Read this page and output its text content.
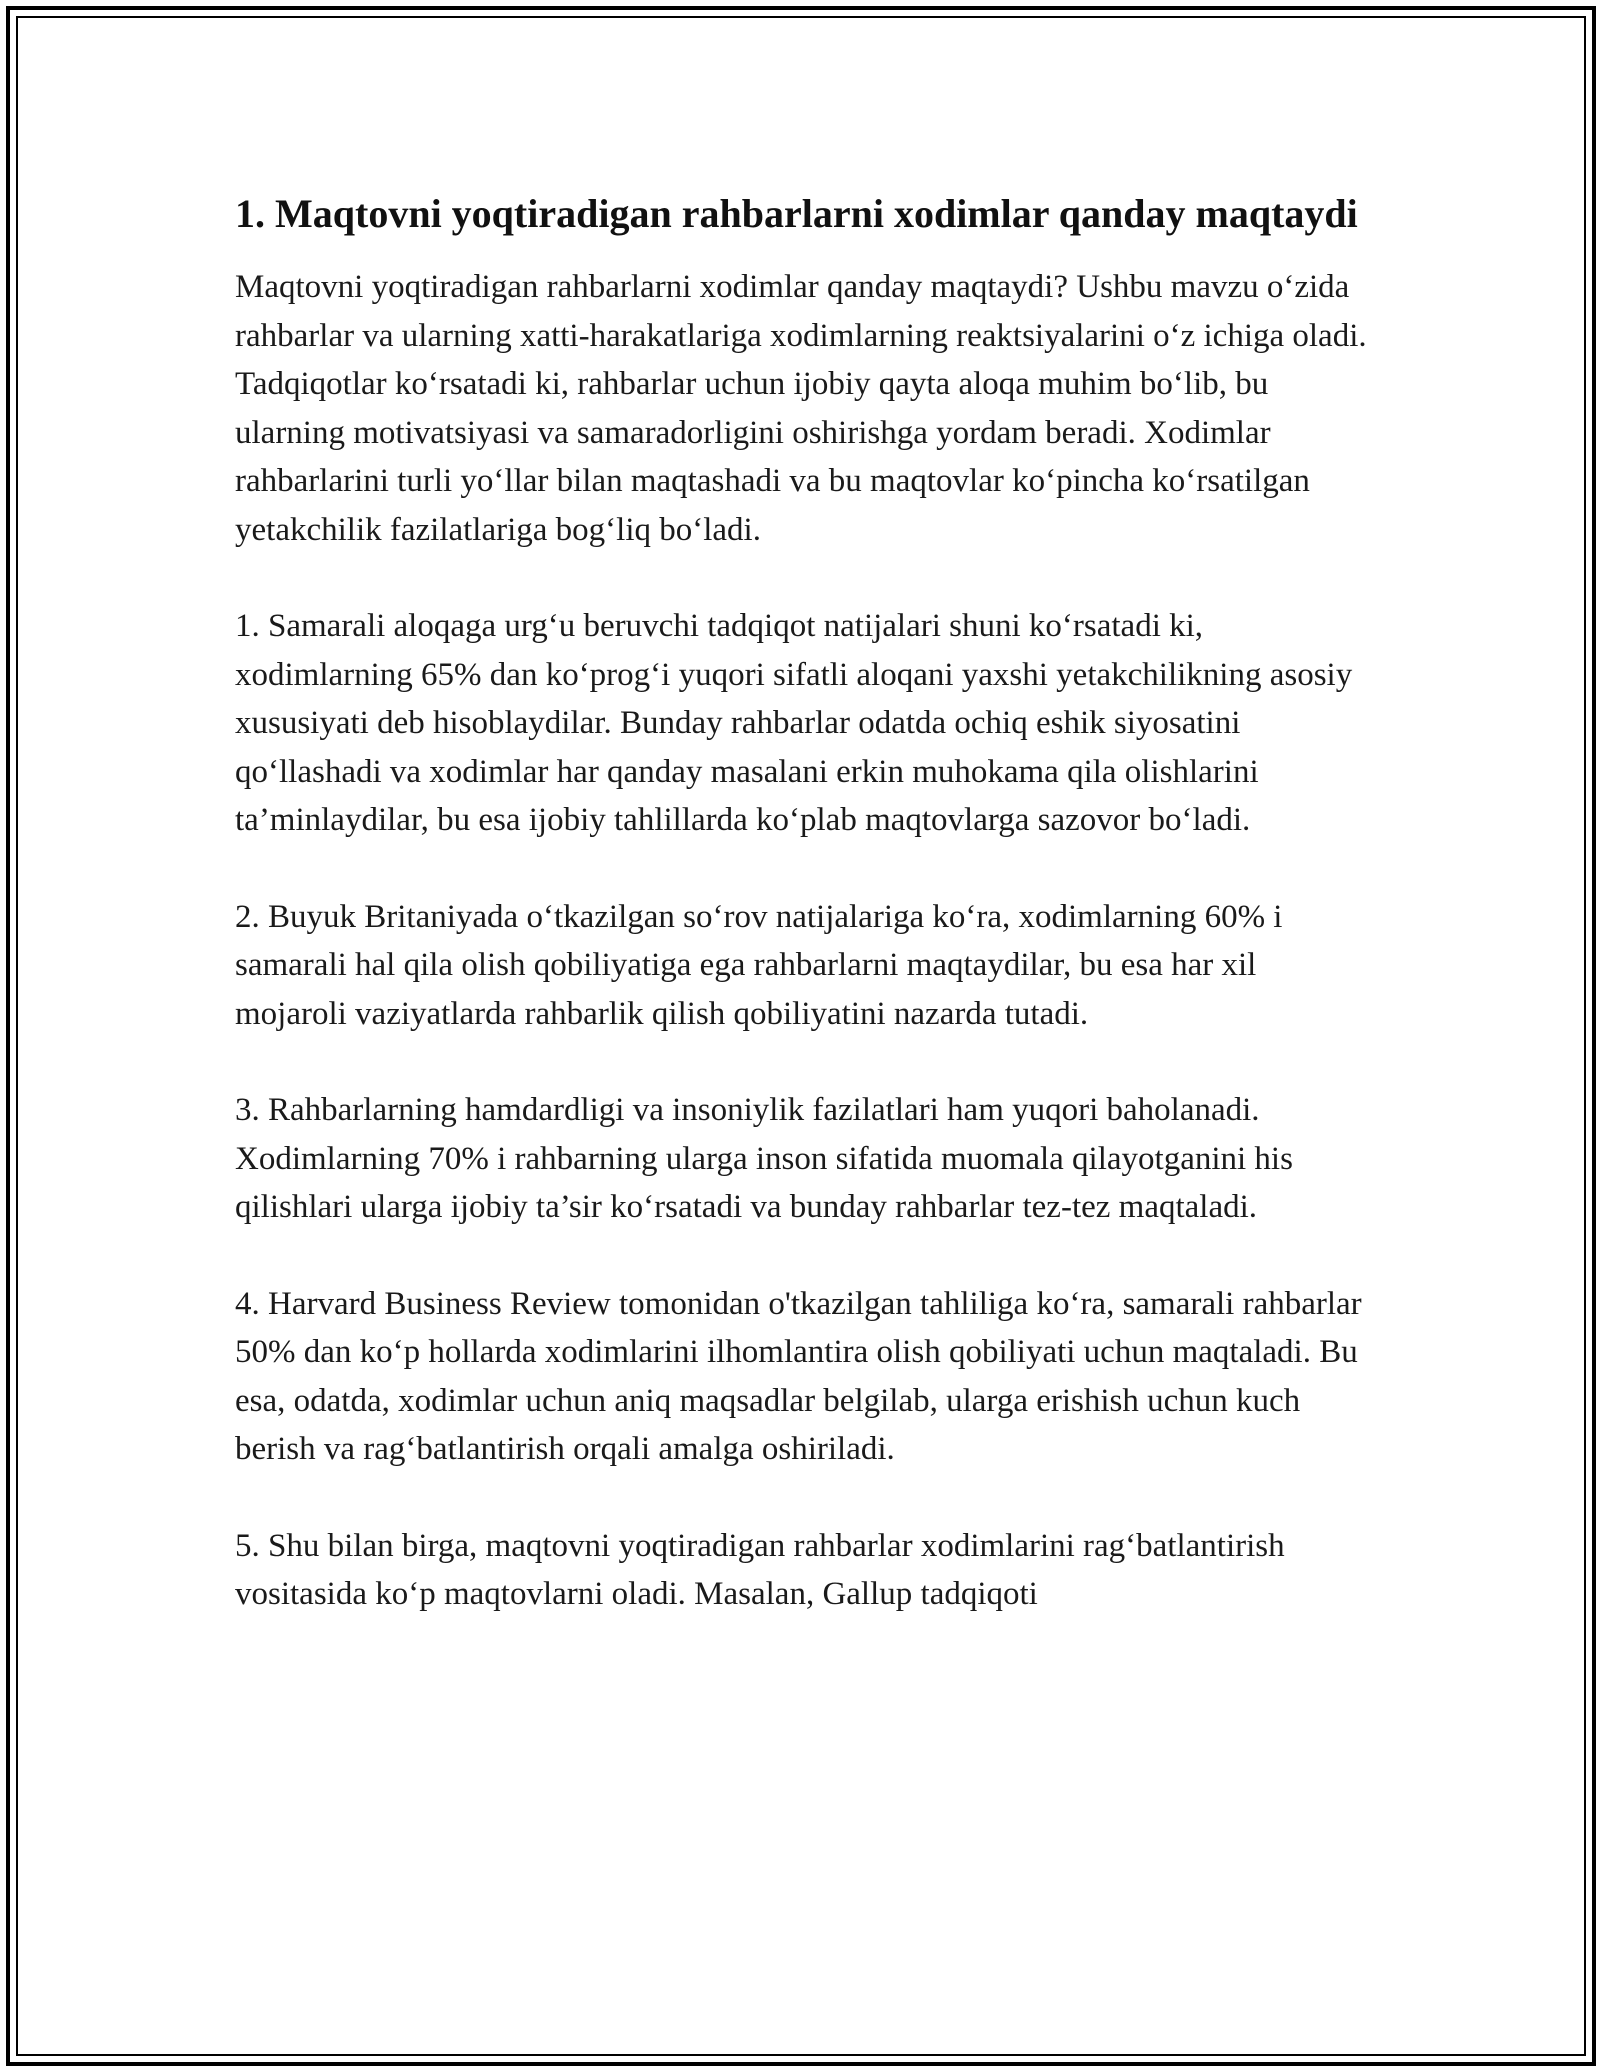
1. Maqtovni yoqtiradigan rahbarlarni xodimlar qanday maqtaydi

Maqtovni yoqtiradigan rahbarlarni xodimlar qanday maqtaydi? Ushbu mavzu o‘zida rahbarlar va ularning xatti-harakatlariga xodimlarning reaktsiyalarini o‘z ichiga oladi. Tadqiqotlar ko‘rsatadi ki, rahbarlar uchun ijobiy qayta aloqa muhim bo‘lib, bu ularning motivatsiyasi va samaradorligini oshirishga yordam beradi. Xodimlar rahbarlarini turli yo‘llar bilan maqtashadi va bu maqtovlar ko‘pincha ko‘rsatilgan yetakchilik fazilatlariga bog‘liq bo‘ladi.

1. Samarali aloqaga urg‘u beruvchi tadqiqot natijalari shuni ko‘rsatadi ki, xodimlarning 65% dan ko‘prog‘i yuqori sifatli aloqani yaxshi yetakchilikning asosiy xususiyati deb hisoblaydilar. Bunday rahbarlar odatda ochiq eshik siyosatini qo‘llashadi va xodimlar har qanday masalani erkin muhokama qila olishlarini ta’minlaydilar, bu esa ijobiy tahlillarda ko‘plab maqtovlarga sazovor bo‘ladi.

2. Buyuk Britaniyada o‘tkazilgan so‘rov natijalariga ko‘ra, xodimlarning 60% i samarali hal qila olish qobiliyatiga ega rahbarlarni maqtaydilar, bu esa har xil mojaroli vaziyatlarda rahbarlik qilish qobiliyatini nazarda tutadi.

3. Rahbarlarning hamdardligi va insoniylik fazilatlari ham yuqori baholanadi. Xodimlarning 70% i rahbarning ularga inson sifatida muomala qilayotganini his qilishlari ularga ijobiy ta’sir ko‘rsatadi va bunday rahbarlar tez-tez maqtaladi.

4. Harvard Business Review tomonidan o'tkazilgan tahliliga ko‘ra, samarali rahbarlar 50% dan ko‘p hollarda xodimlarini ilhomlantira olish qobiliyati uchun maqtaladi. Bu esa, odatda, xodimlar uchun aniq maqsadlar belgilab, ularga erishish uchun kuch berish va rag‘batlantirish orqali amalga oshiriladi.

5. Shu bilan birga, maqtovni yoqtiradigan rahbarlar xodimlarini rag‘batlantirish vositasida ko‘p maqtovlarni oladi. Masalan, Gallup tadqiqoti
